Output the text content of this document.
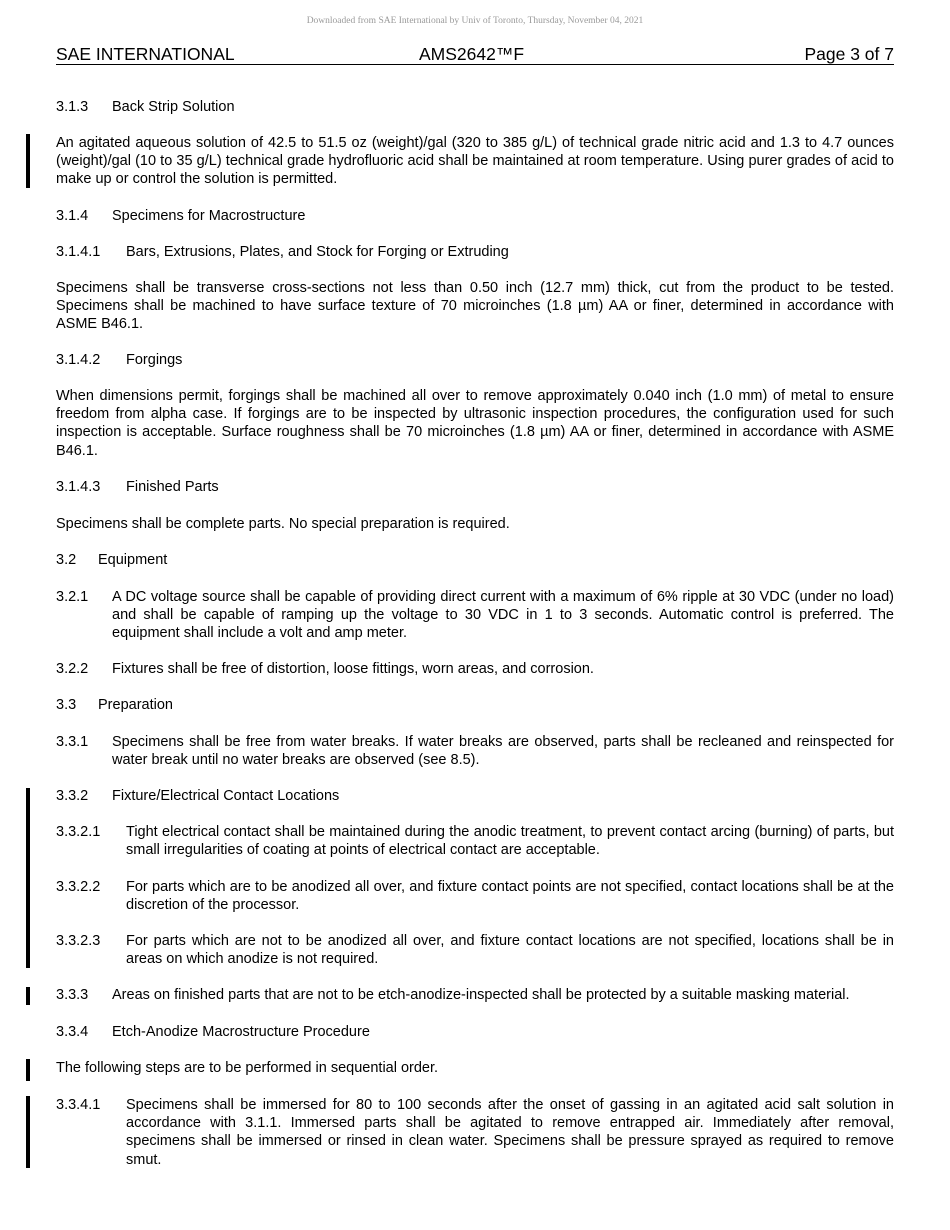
Downloaded from SAE International by Univ of Toronto, Thursday, November 04, 2021
SAE INTERNATIONAL	AMS2642™F	Page 3 of 7
3.1.3 Back Strip Solution
An agitated aqueous solution of 42.5 to 51.5 oz (weight)/gal (320 to 385 g/L) of technical grade nitric acid and 1.3 to 4.7 ounces (weight)/gal (10 to 35 g/L) technical grade hydrofluoric acid shall be maintained at room temperature. Using purer grades of acid to make up or control the solution is permitted.
3.1.4 Specimens for Macrostructure
3.1.4.1 Bars, Extrusions, Plates, and Stock for Forging or Extruding
Specimens shall be transverse cross-sections not less than 0.50 inch (12.7 mm) thick, cut from the product to be tested. Specimens shall be machined to have surface texture of 70 microinches (1.8 µm) AA or finer, determined in accordance with ASME B46.1.
3.1.4.2 Forgings
When dimensions permit, forgings shall be machined all over to remove approximately 0.040 inch (1.0 mm) of metal to ensure freedom from alpha case. If forgings are to be inspected by ultrasonic inspection procedures, the configuration used for such inspection is acceptable. Surface roughness shall be 70 microinches (1.8 µm) AA or finer, determined in accordance with ASME B46.1.
3.1.4.3 Finished Parts
Specimens shall be complete parts. No special preparation is required.
3.2 Equipment
3.2.1 A DC voltage source shall be capable of providing direct current with a maximum of 6% ripple at 30 VDC (under no load) and shall be capable of ramping up the voltage to 30 VDC in 1 to 3 seconds. Automatic control is preferred. The equipment shall include a volt and amp meter.
3.2.2 Fixtures shall be free of distortion, loose fittings, worn areas, and corrosion.
3.3 Preparation
3.3.1 Specimens shall be free from water breaks. If water breaks are observed, parts shall be recleaned and reinspected for water break until no water breaks are observed (see 8.5).
3.3.2 Fixture/Electrical Contact Locations
3.3.2.1 Tight electrical contact shall be maintained during the anodic treatment, to prevent contact arcing (burning) of parts, but small irregularities of coating at points of electrical contact are acceptable.
3.3.2.2 For parts which are to be anodized all over, and fixture contact points are not specified, contact locations shall be at the discretion of the processor.
3.3.2.3 For parts which are not to be anodized all over, and fixture contact locations are not specified, locations shall be in areas on which anodize is not required.
3.3.3 Areas on finished parts that are not to be etch-anodize-inspected shall be protected by a suitable masking material.
3.3.4 Etch-Anodize Macrostructure Procedure
The following steps are to be performed in sequential order.
3.3.4.1 Specimens shall be immersed for 80 to 100 seconds after the onset of gassing in an agitated acid salt solution in accordance with 3.1.1. Immersed parts shall be agitated to remove entrapped air. Immediately after removal, specimens shall be immersed or rinsed in clean water. Specimens shall be pressure sprayed as required to remove smut.
